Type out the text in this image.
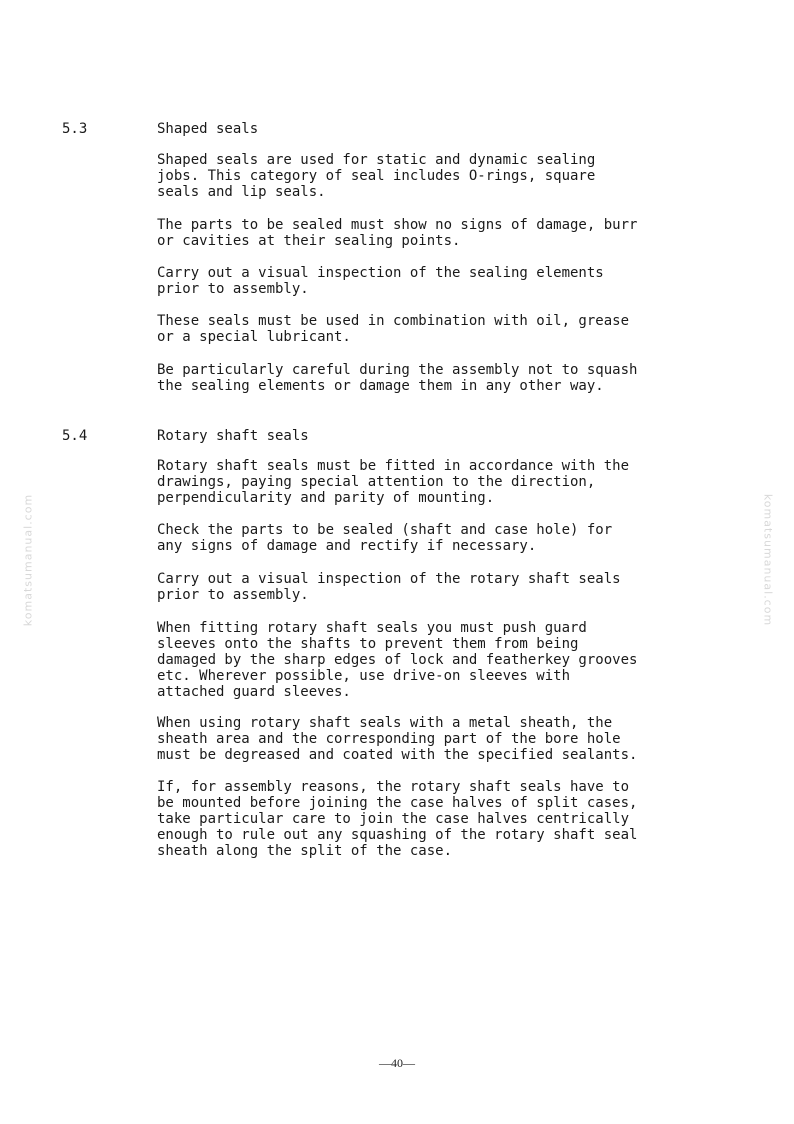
komatsumanual.com	komatsumanual.com
5.3	Shaped seals
Shaped seals are used for static and dynamic sealing
jobs. This category of seal includes O-rings, square
seals and lip seals.
The parts to be sealed must show no signs of damage, burr
or cavities at their sealing points.
Carry out a visual inspection of the sealing elements
prior to assembly.
These seals must be used in combination with oil, grease
or a special lubricant.
Be particularly careful during the assembly not to squash
the sealing elements or damage them in any other way.
5.4	Rotary shaft seals
Rotary shaft seals must be fitted in accordance with the
drawings, paying special attention to the direction,
perpendicularity and parity of mounting.
Check the parts to be sealed (shaft and case hole) for
any signs of damage and rectify if necessary.
Carry out a visual inspection of the rotary shaft seals
prior to assembly.
When fitting rotary shaft seals you must push guard
sleeves onto the shafts to prevent them from being
damaged by the sharp edges of lock and featherkey grooves
etc. Wherever possible, use drive-on sleeves with
attached guard sleeves.
When using rotary shaft seals with a metal sheath, the
sheath area and the corresponding part of the bore hole
must be degreased and coated with the specified sealants.
If, for assembly reasons, the rotary shaft seals have to
be mounted before joining the case halves of split cases,
take particular care to join the case halves centrically
enough to rule out any squashing of the rotary shaft seal
sheath along the split of the case.
—40—
